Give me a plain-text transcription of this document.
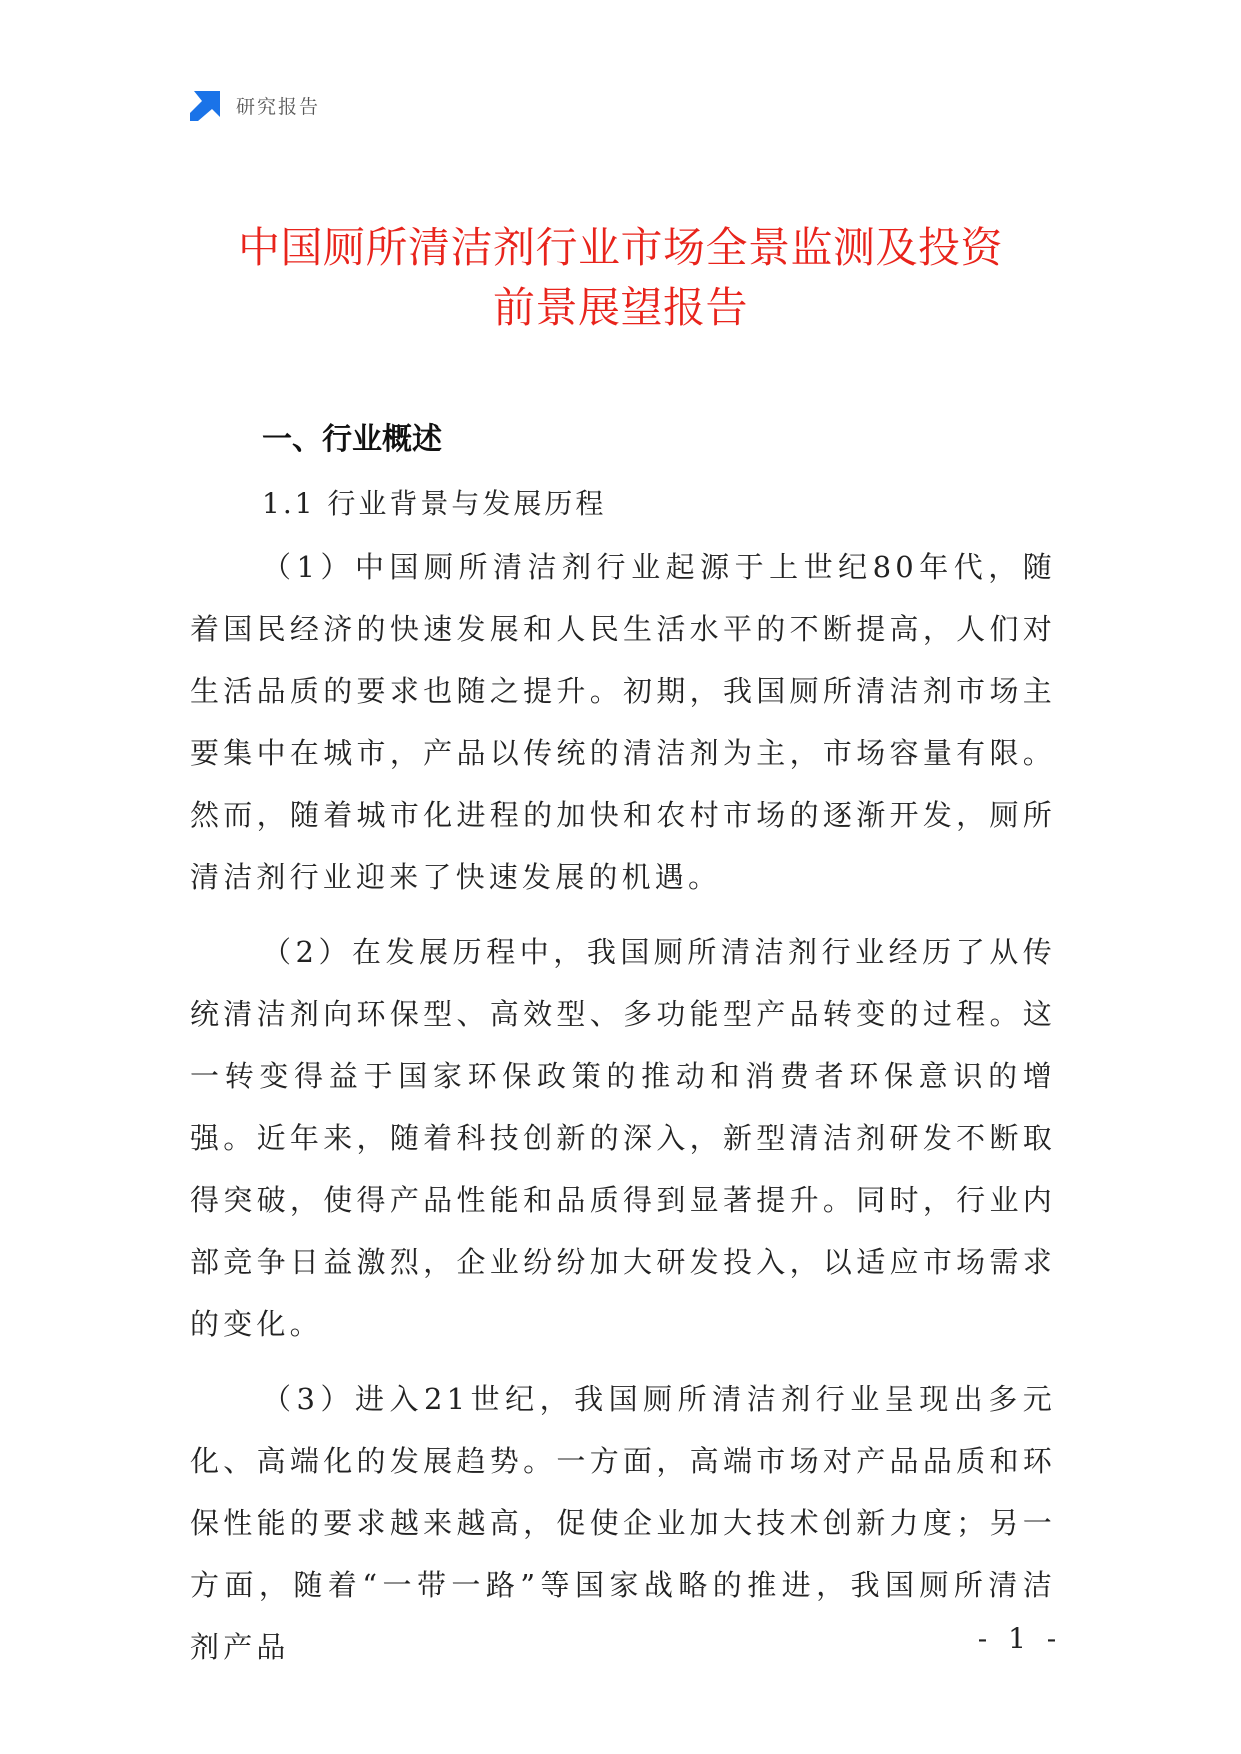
研究报告
中国厕所清洁剂行业市场全景监测及投资
前景展望报告
一、行业概述
1.1 行业背景与发展历程

（1）中国厕所清洁剂行业起源于上世纪80年代，随着国民经济的快速发展和人民生活水平的不断提高，人们对生活品质的要求也随之提升。初期，我国厕所清洁剂市场主要集中在城市，产品以传统的清洁剂为主，市场容量有限。然而，随着城市化进程的加快和农村市场的逐渐开发，厕所清洁剂行业迎来了快速发展的机遇。

（2）在发展历程中，我国厕所清洁剂行业经历了从传统清洁剂向环保型、高效型、多功能型产品转变的过程。这一转变得益于国家环保政策的推动和消费者环保意识的增强。近年来，随着科技创新的深入，新型清洁剂研发不断取得突破，使得产品性能和品质得到显著提升。同时，行业内部竞争日益激烈，企业纷纷加大研发投入，以适应市场需求的变化。

（3）进入21世纪，我国厕所清洁剂行业呈现出多元化、高端化的发展趋势。一方面，高端市场对产品品质和环保性能的要求越来越高，促使企业加大技术创新力度；另一方面，随着“一带一路”等国家战略的推进，我国厕所清洁剂产品	- 1 -
